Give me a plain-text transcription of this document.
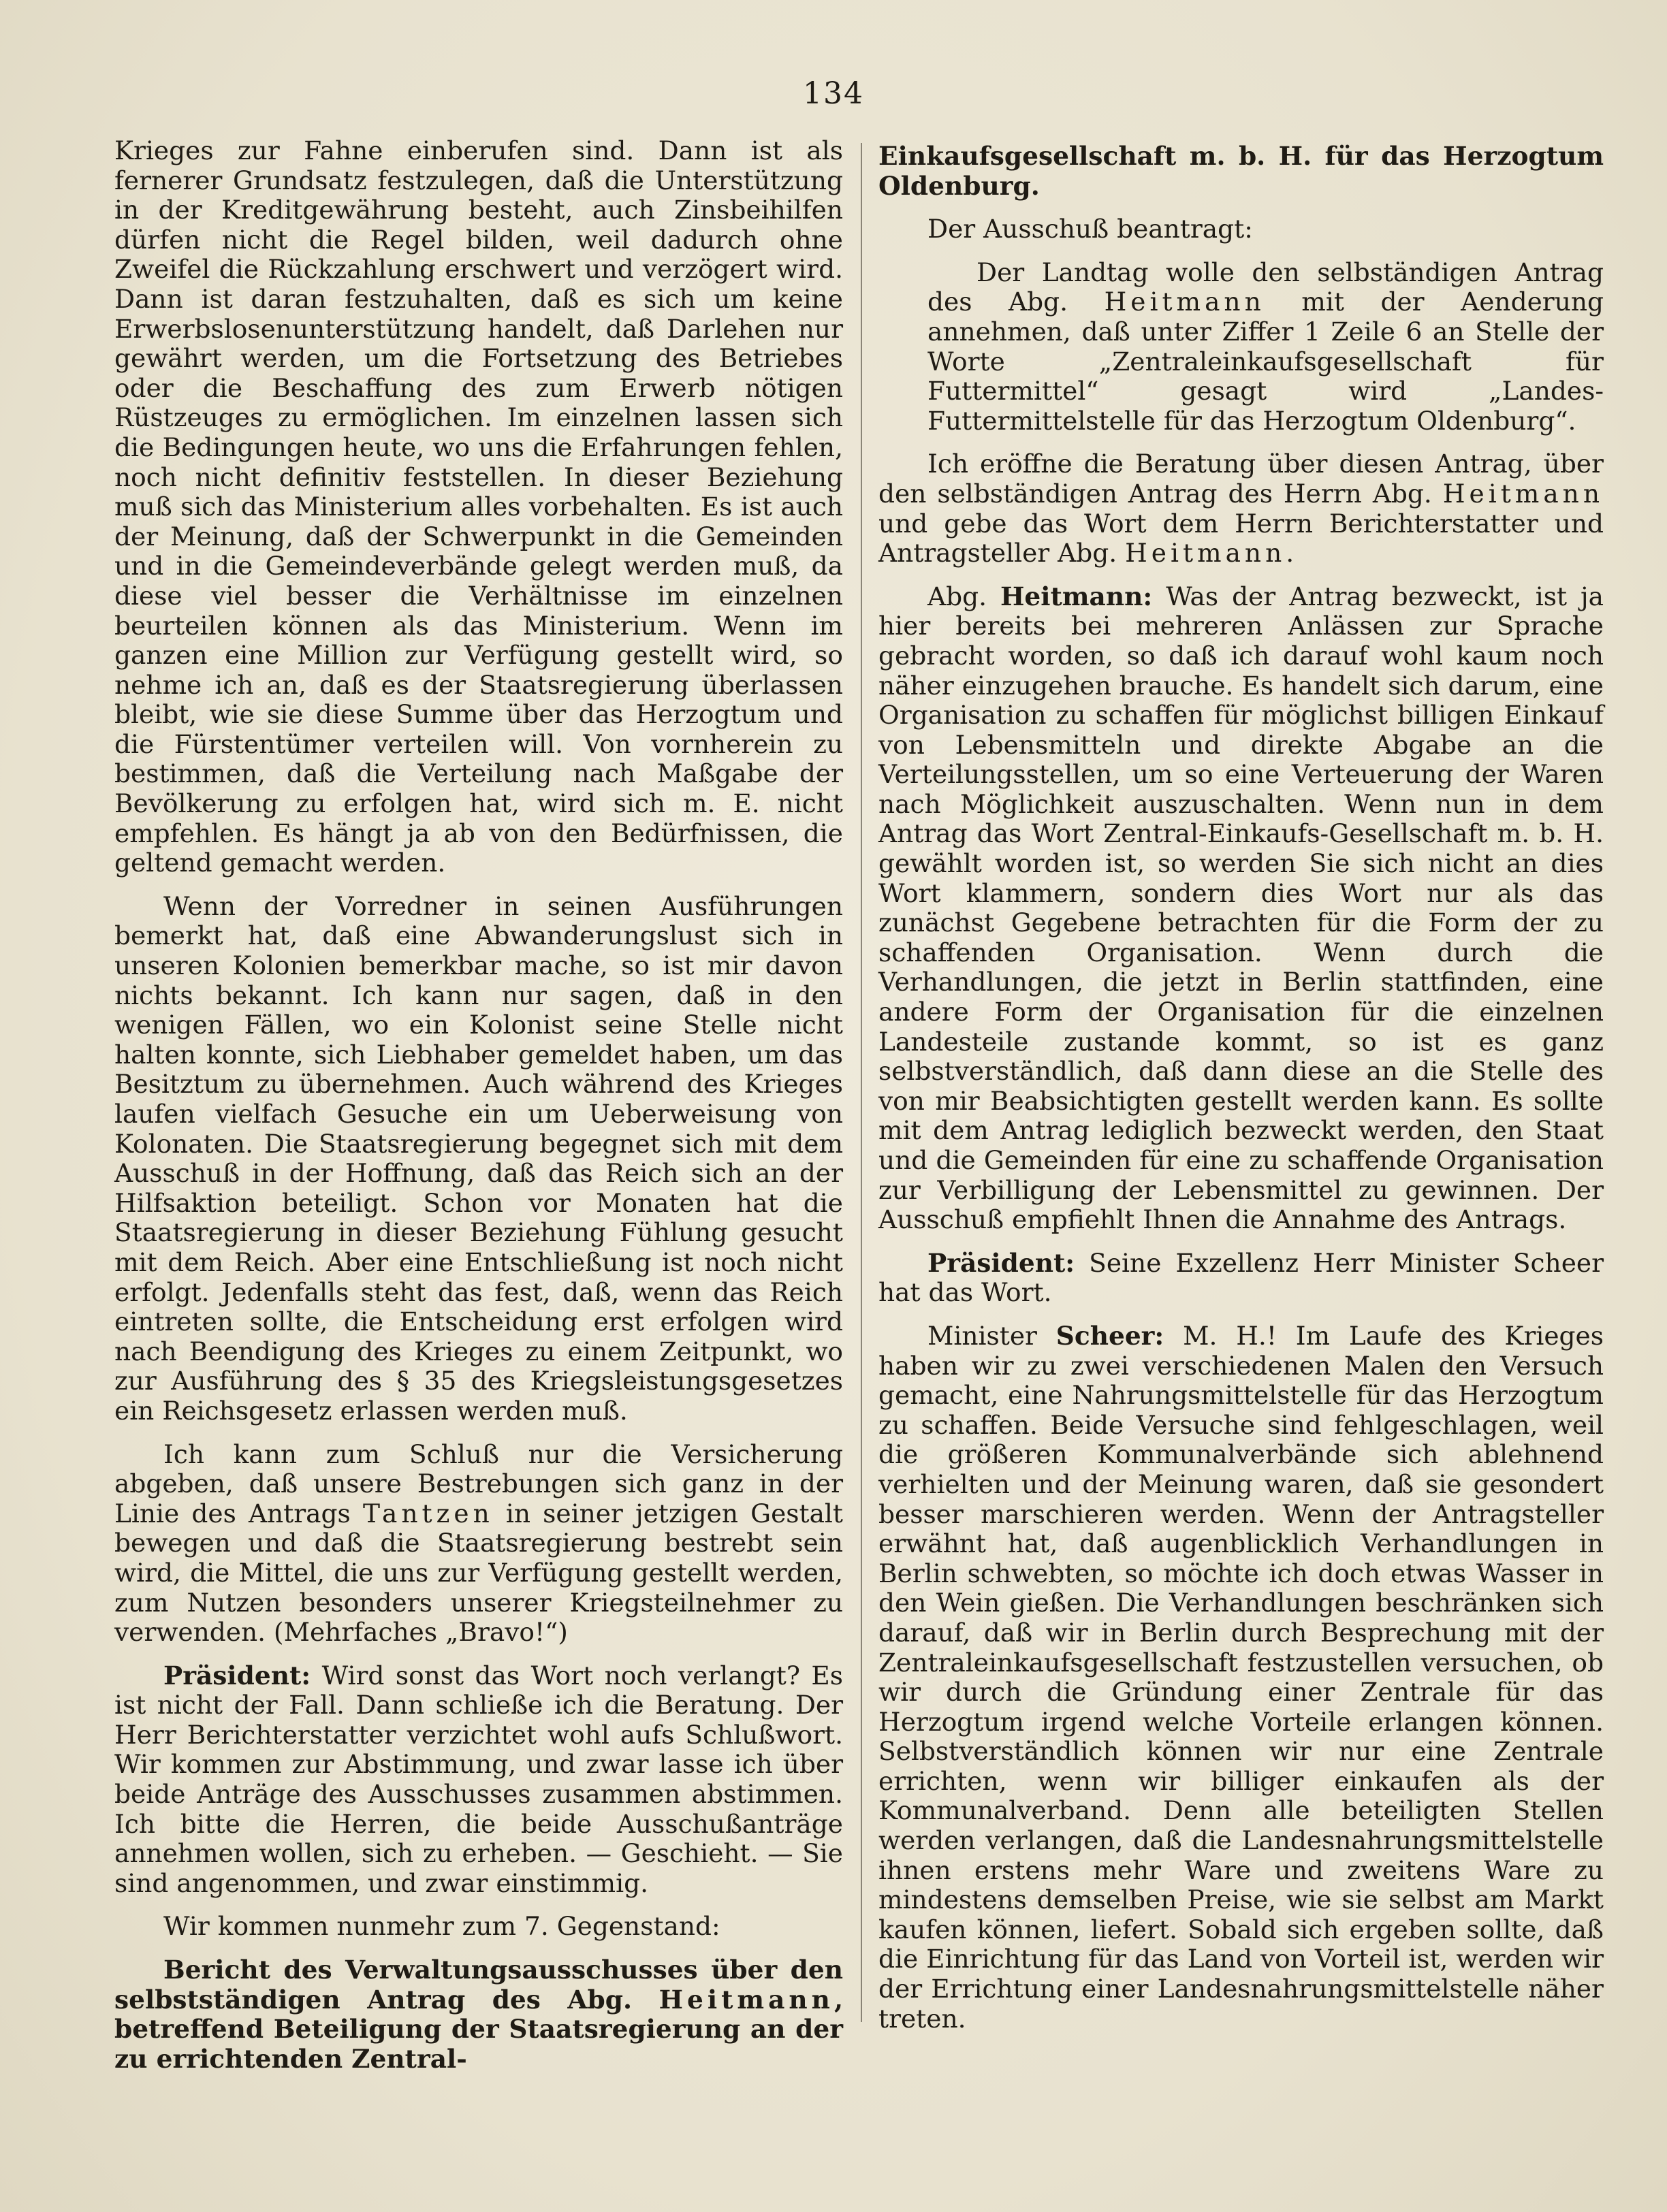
134

Krieges zur Fahne einberufen sind. Dann ist als fernerer Grundsatz festzulegen, daß die Unterstützung in der Kreditgewährung besteht, auch Zinsbeihilfen dürfen nicht die Regel bilden, weil dadurch ohne Zweifel die Rückzahlung erschwert und verzögert wird. Dann ist daran festzuhalten, daß es sich um keine Erwerbslosenunterstützung handelt, daß Darlehen nur gewährt werden, um die Fortsetzung des Betriebes oder die Beschaffung des zum Erwerb nötigen Rüstzeuges zu ermöglichen. Im einzelnen lassen sich die Bedingungen heute, wo uns die Erfahrungen fehlen, noch nicht definitiv feststellen. In dieser Beziehung muß sich das Ministerium alles vorbehalten. Es ist auch der Meinung, daß der Schwerpunkt in die Gemeinden und in die Gemeindeverbände gelegt werden muß, da diese viel besser die Verhältnisse im einzelnen beurteilen können als das Ministerium. Wenn im ganzen eine Million zur Verfügung gestellt wird, so nehme ich an, daß es der Staatsregierung überlassen bleibt, wie sie diese Summe über das Herzogtum und die Fürstentümer verteilen will. Von vornherein zu bestimmen, daß die Verteilung nach Maßgabe der Bevölkerung zu erfolgen hat, wird sich m. E. nicht empfehlen. Es hängt ja ab von den Bedürfnissen, die geltend gemacht werden.

Wenn der Vorredner in seinen Ausführungen bemerkt hat, daß eine Abwanderungslust sich in unseren Kolonien bemerkbar mache, so ist mir davon nichts bekannt. Ich kann nur sagen, daß in den wenigen Fällen, wo ein Kolonist seine Stelle nicht halten konnte, sich Liebhaber gemeldet haben, um das Besitztum zu übernehmen. Auch während des Krieges laufen vielfach Gesuche ein um Ueberweisung von Kolonaten. Die Staatsregierung begegnet sich mit dem Ausschuß in der Hoffnung, daß das Reich sich an der Hilfsaktion beteiligt. Schon vor Monaten hat die Staatsregierung in dieser Beziehung Fühlung gesucht mit dem Reich. Aber eine Entschließung ist noch nicht erfolgt. Jedenfalls steht das fest, daß, wenn das Reich eintreten sollte, die Entscheidung erst erfolgen wird nach Beendigung des Krieges zu einem Zeitpunkt, wo zur Ausführung des § 35 des Kriegsleistungsgesetzes ein Reichsgesetz erlassen werden muß.

Ich kann zum Schluß nur die Versicherung abgeben, daß unsere Bestrebungen sich ganz in der Linie des Antrags Tantzen in seiner jetzigen Gestalt bewegen und daß die Staatsregierung bestrebt sein wird, die Mittel, die uns zur Verfügung gestellt werden, zum Nutzen besonders unserer Kriegsteilnehmer zu verwenden. (Mehrfaches „Bravo!“)

Präsident: Wird sonst das Wort noch verlangt? Es ist nicht der Fall. Dann schließe ich die Beratung. Der Herr Berichterstatter verzichtet wohl aufs Schlußwort. Wir kommen zur Abstimmung, und zwar lasse ich über beide Anträge des Ausschusses zusammen abstimmen. Ich bitte die Herren, die beide Ausschußanträge annehmen wollen, sich zu erheben. — Geschieht. — Sie sind angenommen, und zwar einstimmig.

Wir kommen nunmehr zum 7. Gegenstand:

Bericht des Verwaltungsausschusses über den selbstständigen Antrag des Abg. Heitmann, betreffend Beteiligung der Staatsregierung an der zu errichtenden Zentral-

Einkaufsgesellschaft m. b. H. für das Herzogtum Oldenburg.

Der Ausschuß beantragt:

Der Landtag wolle den selbständigen Antrag des Abg. Heitmann mit der Aenderung annehmen, daß unter Ziffer 1 Zeile 6 an Stelle der Worte „Zentraleinkaufsgesellschaft für Futtermittel“ gesagt wird „Landes-Futtermittelstelle für das Herzogtum Oldenburg“.

Ich eröffne die Beratung über diesen Antrag, über den selbständigen Antrag des Herrn Abg. Heitmann und gebe das Wort dem Herrn Berichterstatter und Antragsteller Abg. Heitmann.

Abg. Heitmann: Was der Antrag bezweckt, ist ja hier bereits bei mehreren Anlässen zur Sprache gebracht worden, so daß ich darauf wohl kaum noch näher einzugehen brauche. Es handelt sich darum, eine Organisation zu schaffen für möglichst billigen Einkauf von Lebensmitteln und direkte Abgabe an die Verteilungsstellen, um so eine Verteuerung der Waren nach Möglichkeit auszuschalten. Wenn nun in dem Antrag das Wort Zentral-Einkaufs-Gesellschaft m. b. H. gewählt worden ist, so werden Sie sich nicht an dies Wort klammern, sondern dies Wort nur als das zunächst Gegebene betrachten für die Form der zu schaffenden Organisation. Wenn durch die Verhandlungen, die jetzt in Berlin stattfinden, eine andere Form der Organisation für die einzelnen Landesteile zustande kommt, so ist es ganz selbstverständlich, daß dann diese an die Stelle des von mir Beabsichtigten gestellt werden kann. Es sollte mit dem Antrag lediglich bezweckt werden, den Staat und die Gemeinden für eine zu schaffende Organisation zur Verbilligung der Lebensmittel zu gewinnen. Der Ausschuß empfiehlt Ihnen die Annahme des Antrags.

Präsident: Seine Exzellenz Herr Minister Scheer hat das Wort.

Minister Scheer: M. H.! Im Laufe des Krieges haben wir zu zwei verschiedenen Malen den Versuch gemacht, eine Nahrungsmittelstelle für das Herzogtum zu schaffen. Beide Versuche sind fehlgeschlagen, weil die größeren Kommunalverbände sich ablehnend verhielten und der Meinung waren, daß sie gesondert besser marschieren werden. Wenn der Antragsteller erwähnt hat, daß augenblicklich Verhandlungen in Berlin schwebten, so möchte ich doch etwas Wasser in den Wein gießen. Die Verhandlungen beschränken sich darauf, daß wir in Berlin durch Besprechung mit der Zentraleinkaufsgesellschaft festzustellen versuchen, ob wir durch die Gründung einer Zentrale für das Herzogtum irgend welche Vorteile erlangen können. Selbstverständlich können wir nur eine Zentrale errichten, wenn wir billiger einkaufen als der Kommunalverband. Denn alle beteiligten Stellen werden verlangen, daß die Landesnahrungsmittelstelle ihnen erstens mehr Ware und zweitens Ware zu mindestens demselben Preise, wie sie selbst am Markt kaufen können, liefert. Sobald sich ergeben sollte, daß die Einrichtung für das Land von Vorteil ist, werden wir der Errichtung einer Landesnahrungsmittelstelle näher treten.
